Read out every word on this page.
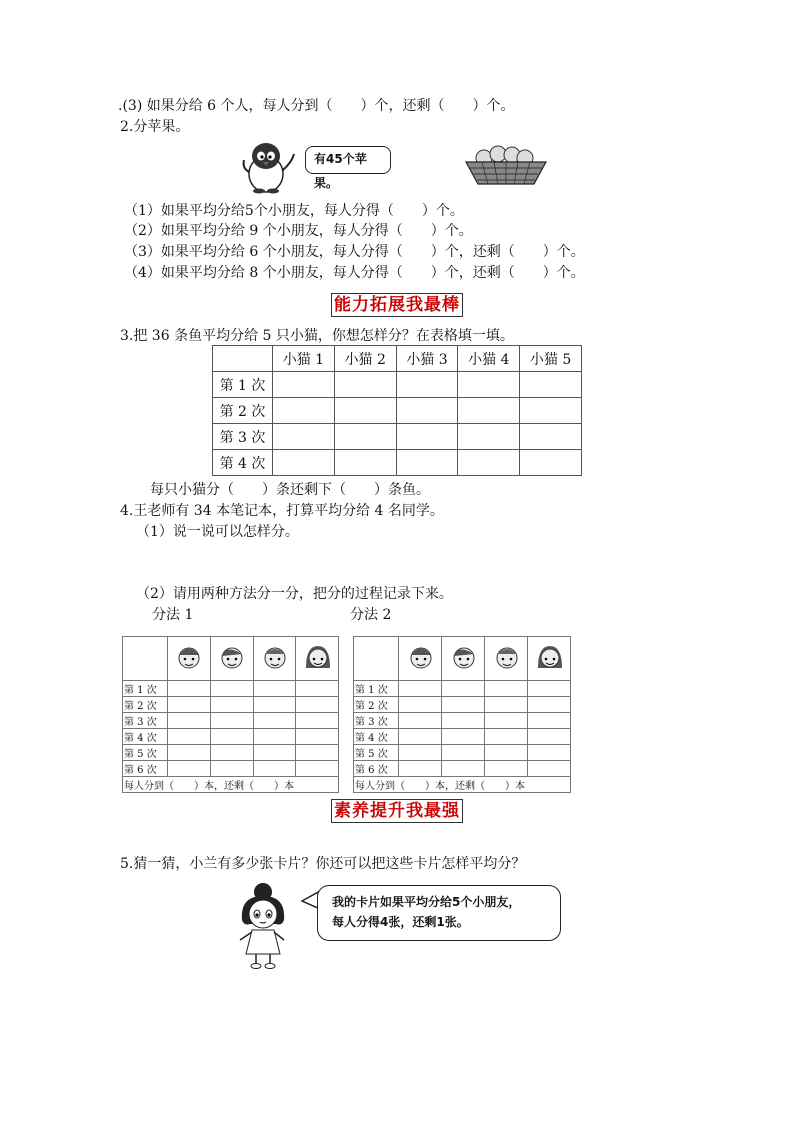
.(3) 如果分给 6 个人，每人分到（　　）个，还剩（　　）个。
2.分苹果。
有45个苹果。
（1）如果平均分给5个小朋友，每人分得（　　）个。
（2）如果平均分给 9 个小朋友，每人分得（　　）个。
（3）如果平均分给 6 个小朋友，每人分得（　　）个，还剩（　　）个。
（4）如果平均分给 8 个小朋友，每人分得（　　）个，还剩（　　）个。
能力拓展我最棒
3.把 36 条鱼平均分给 5 只小猫，你想怎样分？在表格填一填。
	小猫 1	小猫 2	小猫 3	小猫 4	小猫 5
第 1 次					
第 2 次					
第 3 次					
第 4 次					
每只小猫分（　　）条还剩下（　　）条鱼。
4.王老师有 34 本笔记本，打算平均分给 4 名同学。
（1）说一说可以怎样分。
（2）请用两种方法分一分，把分的过程记录下来。
分法 1	分法 2

第 1 次				
第 2 次				
第 3 次				
第 4 次				
第 5 次				
第 6 次				
每人分到（　　）本，还剩（　　）本				

第 1 次				
第 2 次				
第 3 次				
第 4 次				
第 5 次				
第 6 次				
每人分到（　　）本，还剩（　　）本				
素养提升我最强
5.猜一猜，小兰有多少张卡片？你还可以把这些卡片怎样平均分？
我的卡片如果平均分给5个小朋友，
每人分得4张，还剩1张。
